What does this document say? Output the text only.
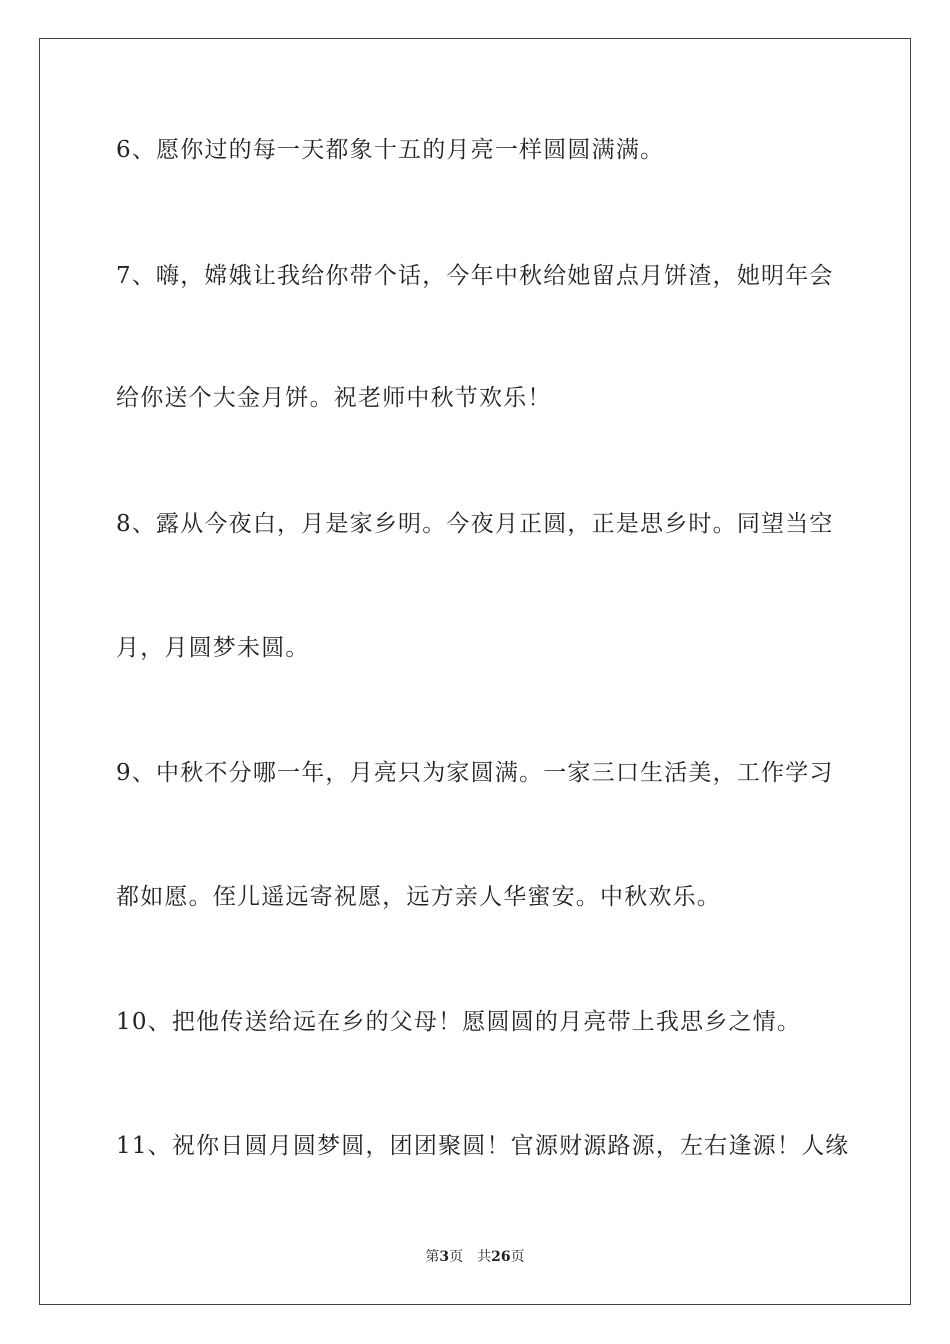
6、愿你过的每一天都象十五的月亮一样圆圆满满。
7、嗨，嫦娥让我给你带个话，今年中秋给她留点月饼渣，她明年会
给你送个大金月饼。祝老师中秋节欢乐！
8、露从今夜白，月是家乡明。今夜月正圆，正是思乡时。同望当空
月，月圆梦未圆。
9、中秋不分哪一年，月亮只为家圆满。一家三口生活美，工作学习
都如愿。侄儿遥远寄祝愿，远方亲人华蜜安。中秋欢乐。
10、把他传送给远在乡的父母！愿圆圆的月亮带上我思乡之情。
11、祝你日圆月圆梦圆，团团聚圆！官源财源路源，左右逢源！人缘
第3页 共26页
